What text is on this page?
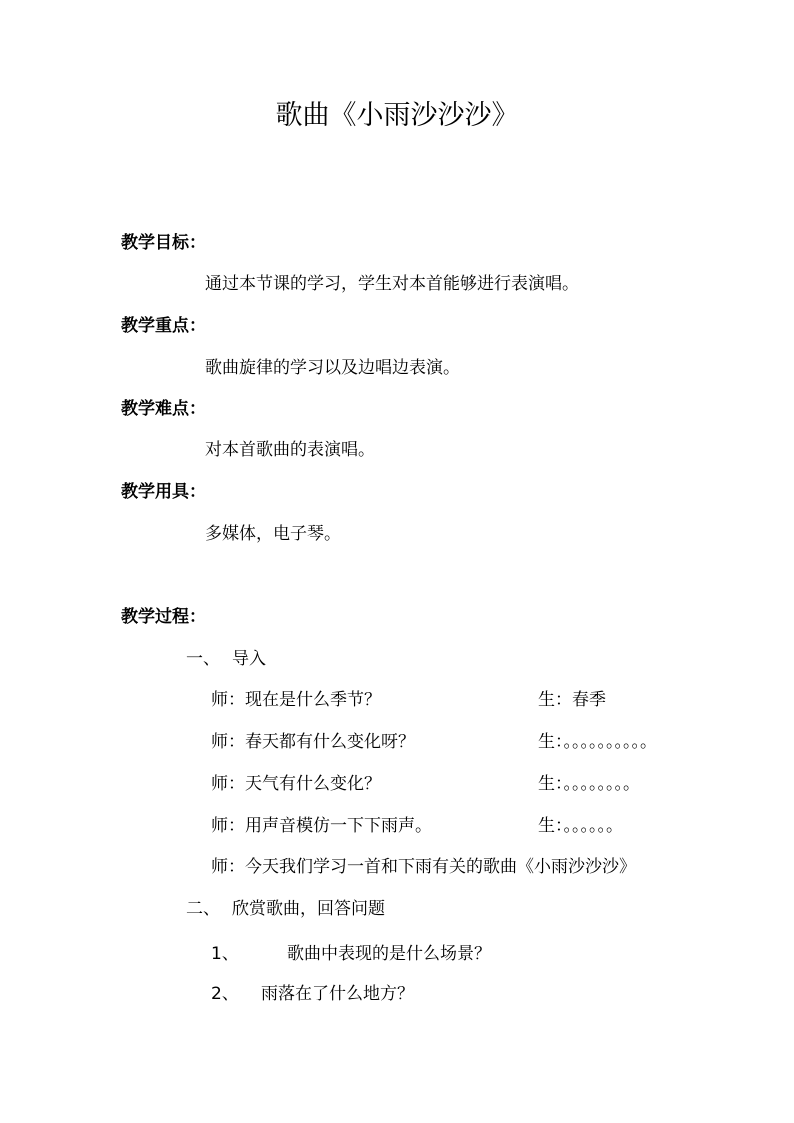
歌曲《小雨沙沙沙》
教学目标：
通过本节课的学习，学生对本首能够进行表演唱。
教学重点：
歌曲旋律的学习以及边唱边表演。
教学难点：
对本首歌曲的表演唱。
教学用具：
多媒体，电子琴。
教学过程：
一、 导入
师：现在是什么季节？	生：春季
师：春天都有什么变化呀？	生：。。。。。。。。。。
师：天气有什么变化？	生：。。。。。。。。
师：用声音模仿一下下雨声。	生：。。。。。。
师：今天我们学习一首和下雨有关的歌曲《小雨沙沙沙》
二、 欣赏歌曲，回答问题
1、	歌曲中表现的是什么场景？
2、 雨落在了什么地方？
